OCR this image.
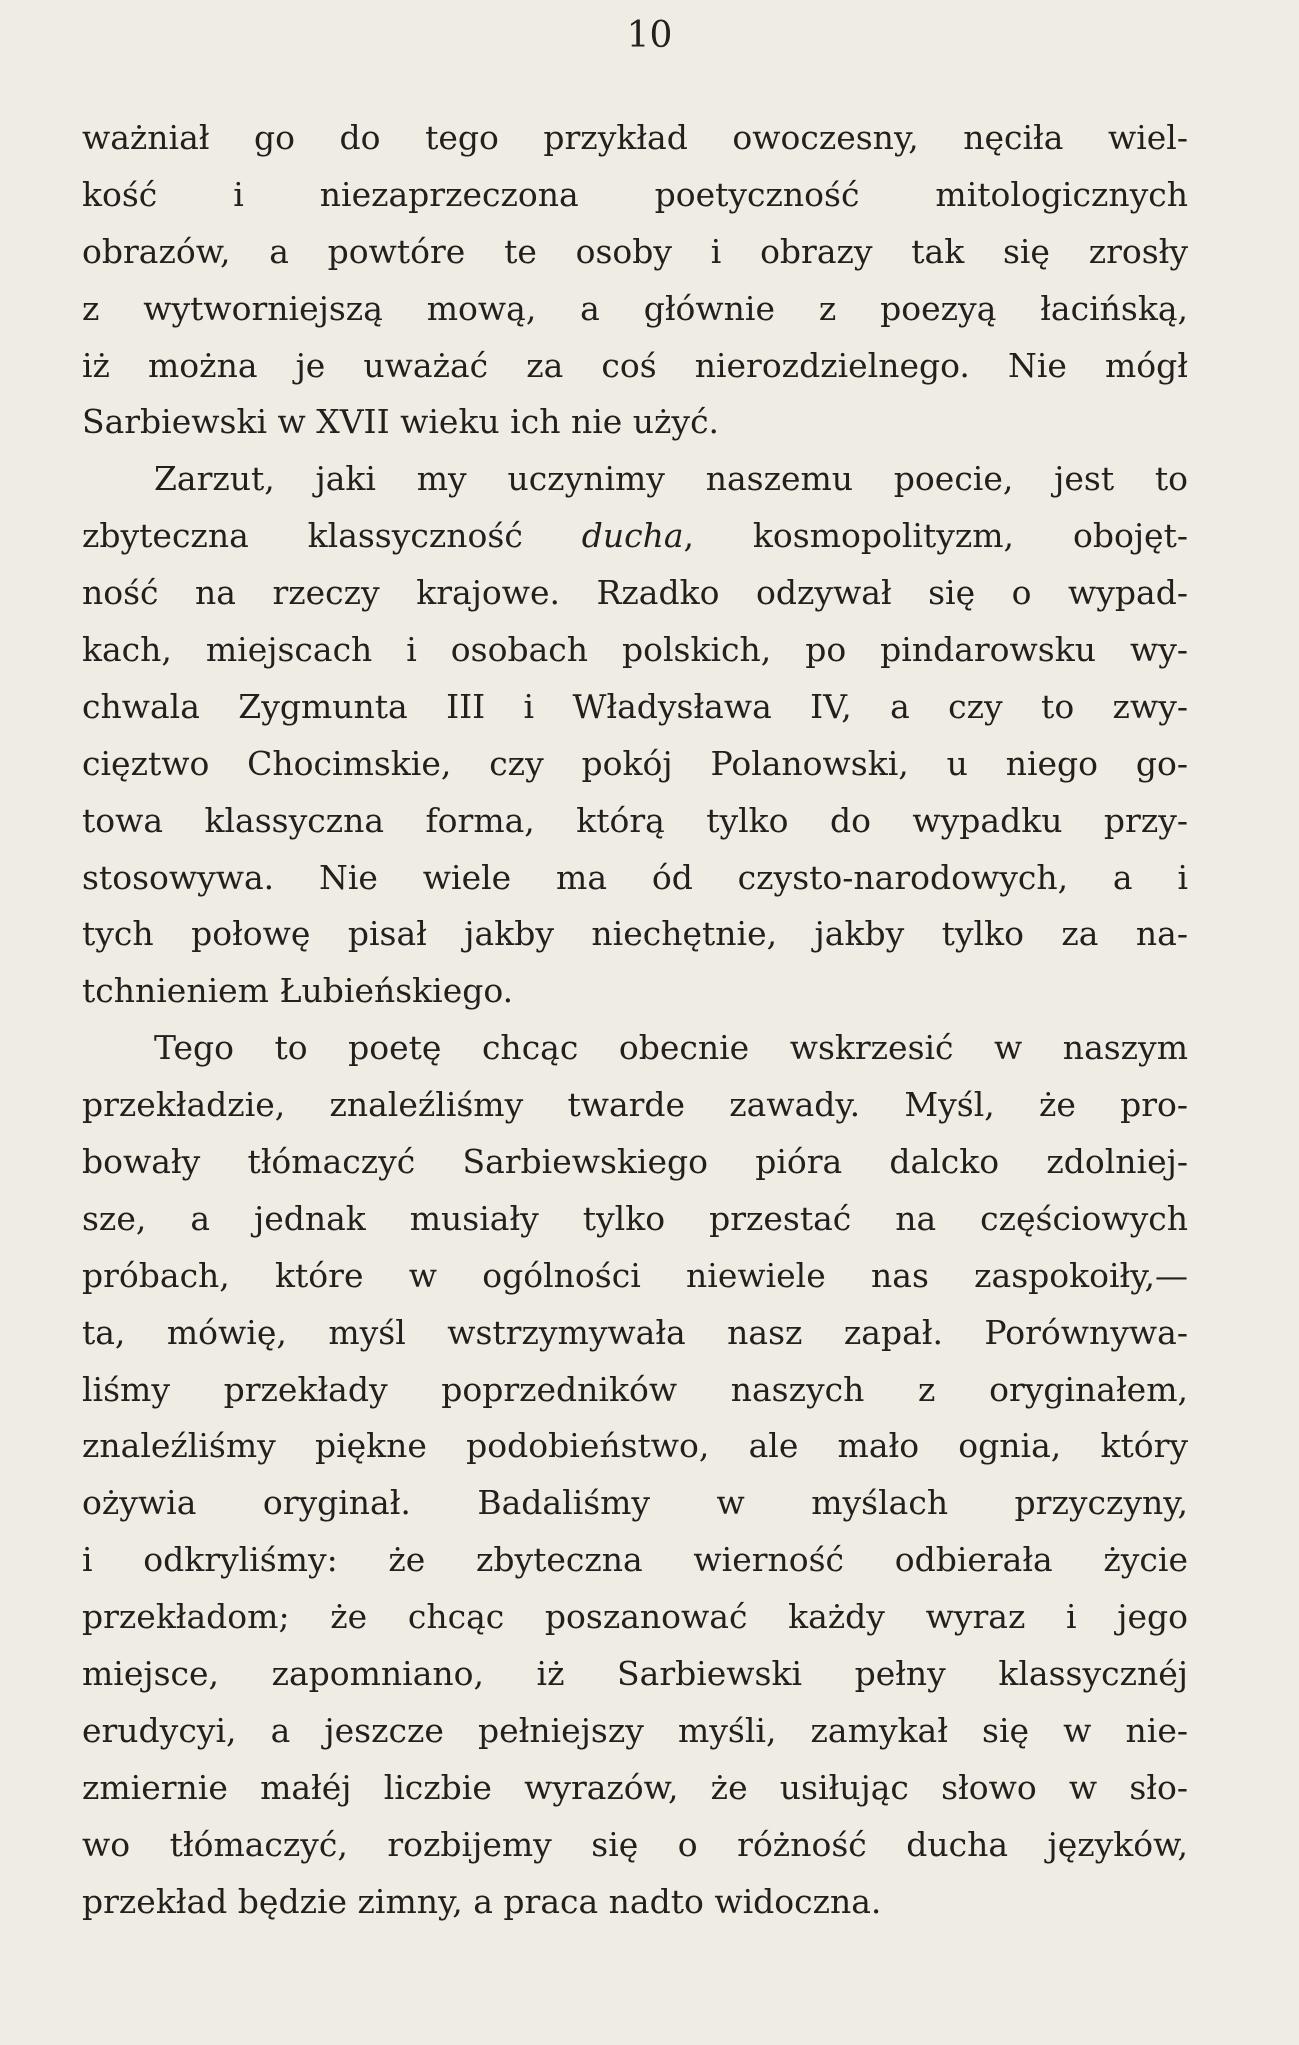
10
ważniał go do tego przykład owoczesny, nęciła wiel-
kość i niezaprzeczona poetyczność mitologicznych
obrazów, a powtóre te osoby i obrazy tak się zrosły
z wytworniejszą mową, a głównie z poezyą łacińską,
iż można je uważać za coś nierozdzielnego. Nie mógł
Sarbiewski w XVII wieku ich nie użyć.
Zarzut, jaki my uczynimy naszemu poecie, jest to
zbyteczna klassyczność ducha, kosmopolityzm, obojęt-
ność na rzeczy krajowe. Rzadko odzywał się o wypad-
kach, miejscach i osobach polskich, po pindarowsku wy-
chwala Zygmunta III i Władysława IV, a czy to zwy-
cięztwo Chocimskie, czy pokój Polanowski, u niego go-
towa klassyczna forma, którą tylko do wypadku przy-
stosowywa. Nie wiele ma ód czysto-narodowych, a i
tych połowę pisał jakby niechętnie, jakby tylko za na-
tchnieniem Łubieńskiego.
Tego to poetę chcąc obecnie wskrzesić w naszym
przekładzie, znaleźliśmy twarde zawady. Myśl, że pro-
bowały tłómaczyć Sarbiewskiego pióra dalcko zdolniej-
sze, a jednak musiały tylko przestać na częściowych
próbach, które w ogólności niewiele nas zaspokoiły,—
ta, mówię, myśl wstrzymywała nasz zapał. Porównywa-
liśmy przekłady poprzedników naszych z oryginałem,
znaleźliśmy piękne podobieństwo, ale mało ognia, który
ożywia oryginał. Badaliśmy w myślach przyczyny,
i odkryliśmy: że zbyteczna wierność odbierała życie
przekładom; że chcąc poszanować każdy wyraz i jego
miejsce, zapomniano, iż Sarbiewski pełny klassycznéj
erudycyi, a jeszcze pełniejszy myśli, zamykał się w nie-
zmiernie małéj liczbie wyrazów, że usiłując słowo w sło-
wo tłómaczyć, rozbijemy się o różność ducha języków,
przekład będzie zimny, a praca nadto widoczna.
